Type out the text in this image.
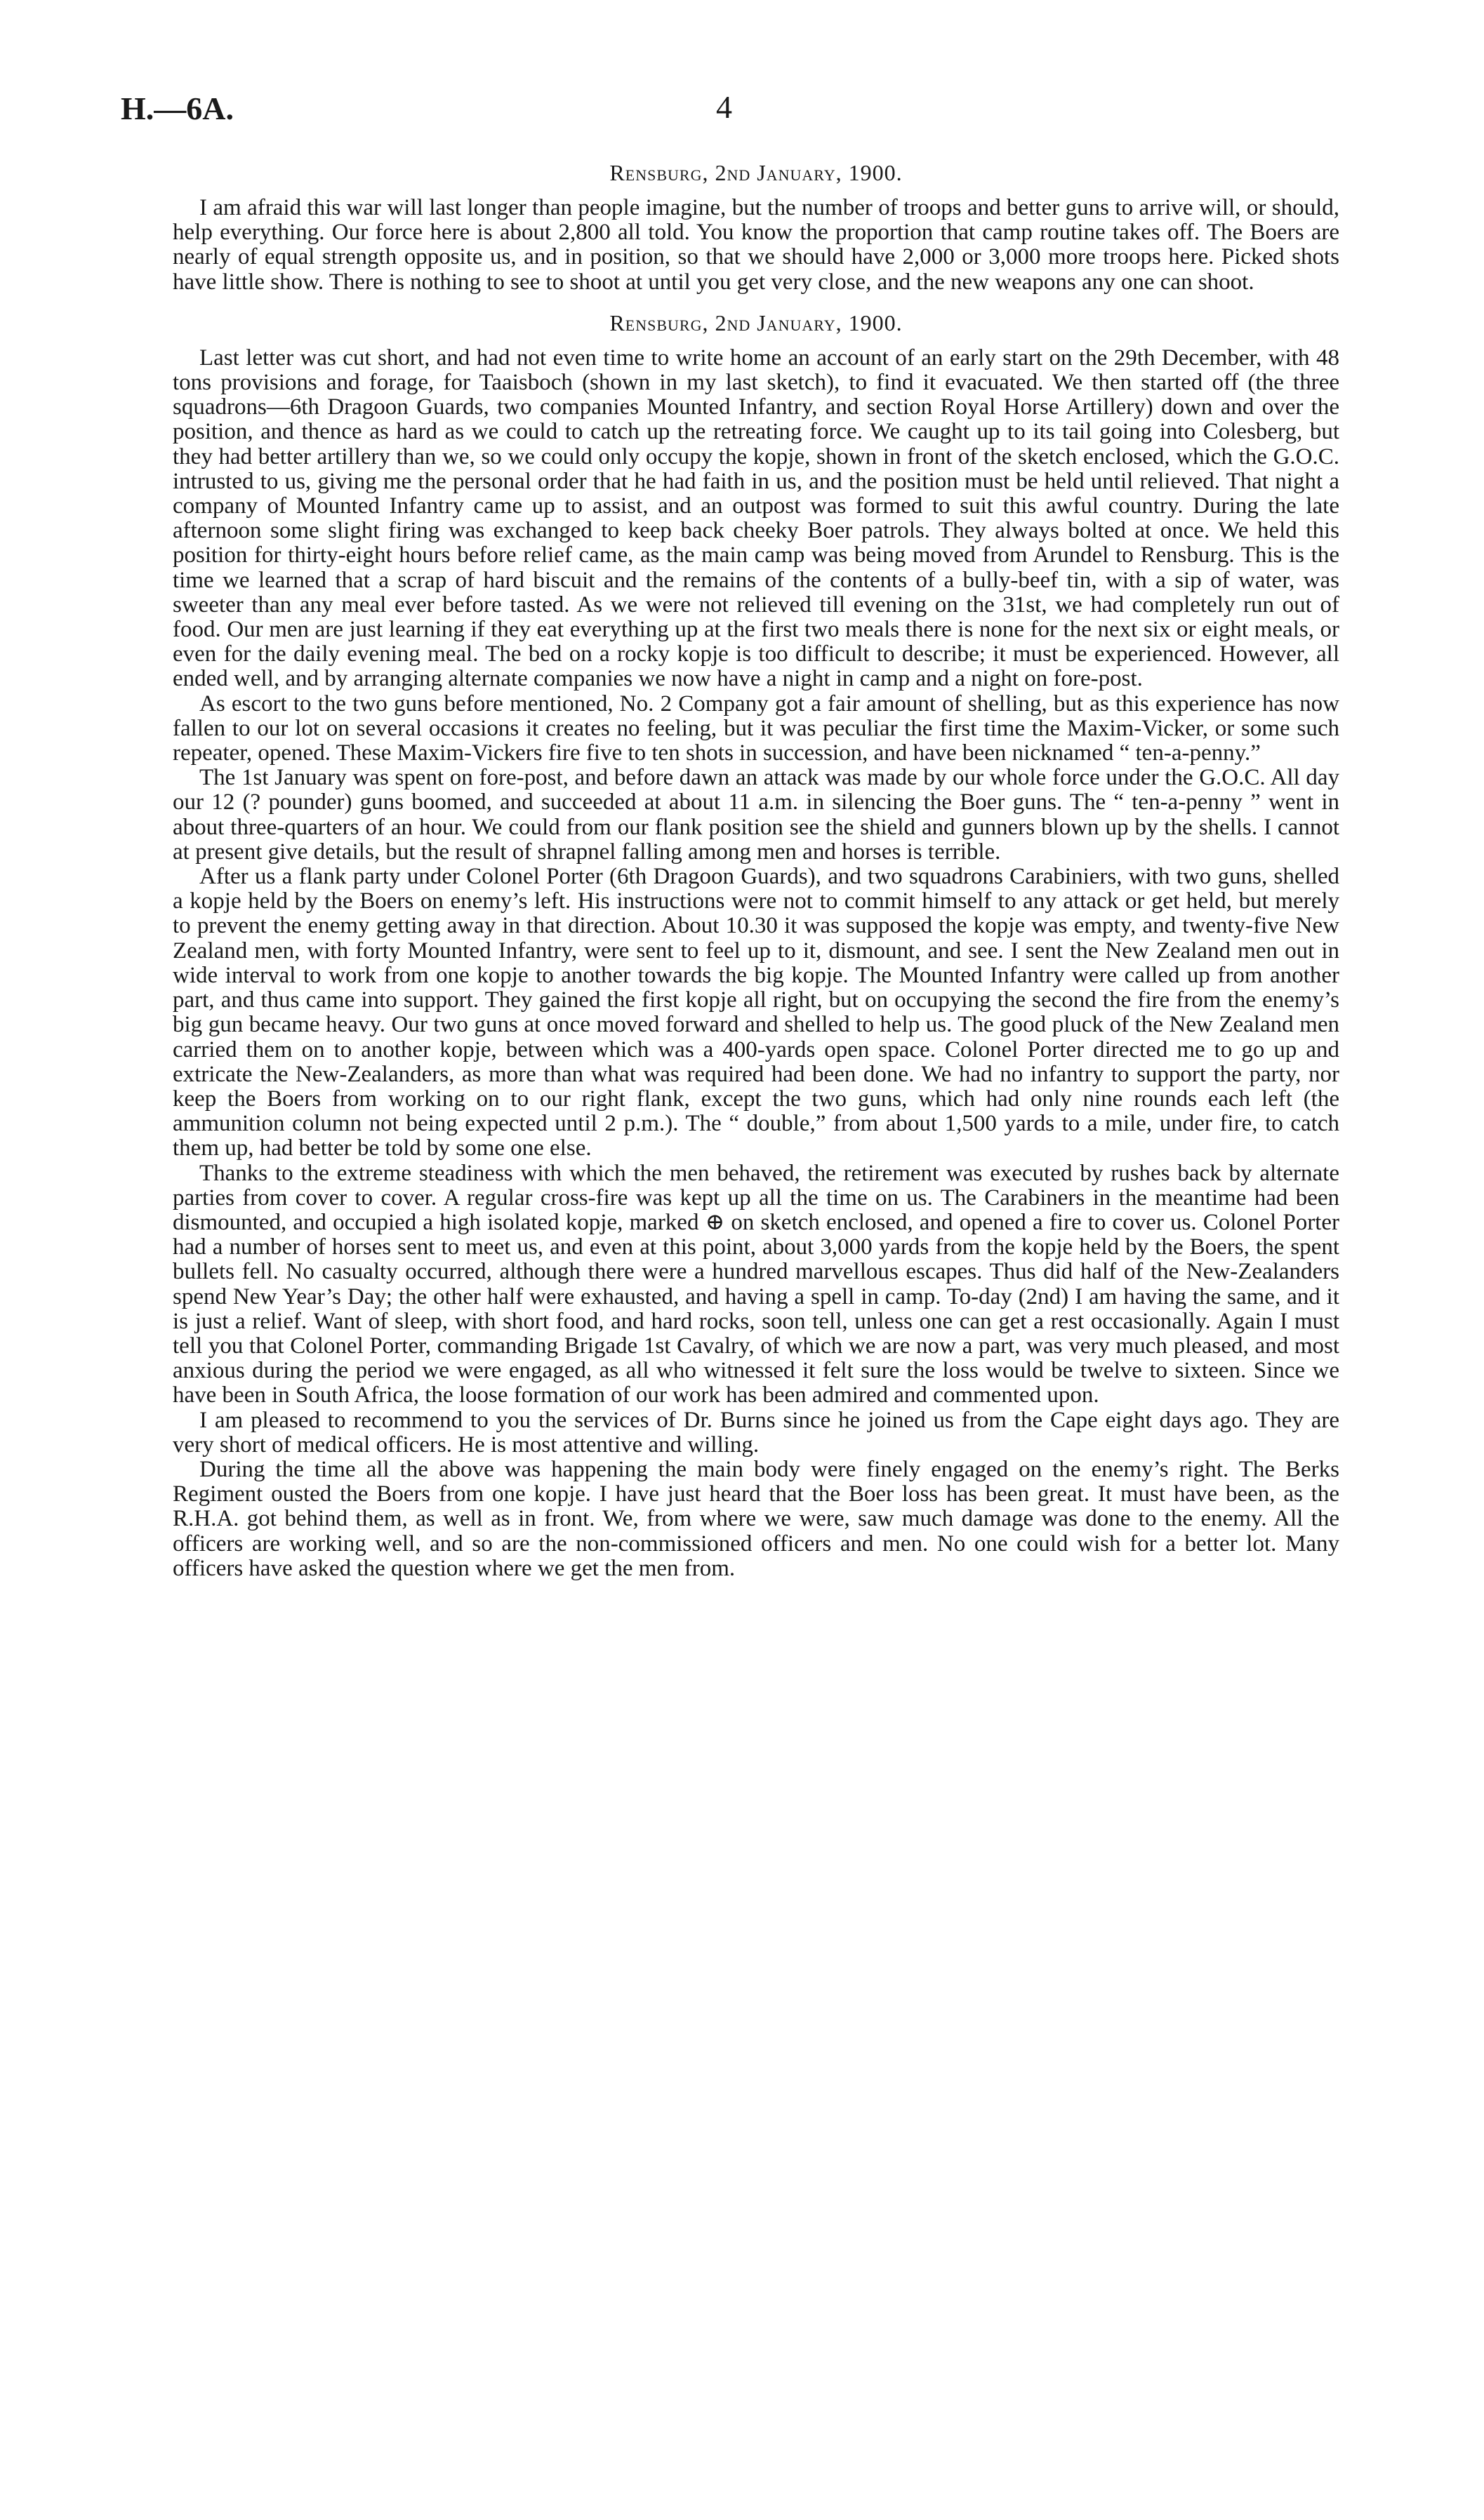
H.—6A.	4
Rensburg, 2nd January, 1900.

I am afraid this war will last longer than people imagine, but the number of troops and better guns to arrive will, or should, help everything. Our force here is about 2,800 all told. You know the proportion that camp routine takes off. The Boers are nearly of equal strength opposite us, and in position, so that we should have 2,000 or 3,000 more troops here. Picked shots have little show. There is nothing to see to shoot at until you get very close, and the new weapons any one can shoot.

Rensburg, 2nd January, 1900.

Last letter was cut short, and had not even time to write home an account of an early start on the 29th December, with 48 tons provisions and forage, for Taaisboch (shown in my last sketch), to find it evacuated. We then started off (the three squadrons—6th Dragoon Guards, two companies Mounted Infantry, and section Royal Horse Artillery) down and over the position, and thence as hard as we could to catch up the retreating force. We caught up to its tail going into Colesberg, but they had better artillery than we, so we could only occupy the kopje, shown in front of the sketch enclosed, which the G.O.C. intrusted to us, giving me the personal order that he had faith in us, and the position must be held until relieved. That night a company of Mounted Infantry came up to assist, and an outpost was formed to suit this awful country. During the late afternoon some slight firing was exchanged to keep back cheeky Boer patrols. They always bolted at once. We held this position for thirty-eight hours before relief came, as the main camp was being moved from Arundel to Rensburg. This is the time we learned that a scrap of hard biscuit and the remains of the contents of a bully-beef tin, with a sip of water, was sweeter than any meal ever before tasted. As we were not relieved till evening on the 31st, we had completely run out of food. Our men are just learning if they eat everything up at the first two meals there is none for the next six or eight meals, or even for the daily evening meal. The bed on a rocky kopje is too difficult to describe; it must be experienced. However, all ended well, and by arranging alternate companies we now have a night in camp and a night on fore-post.

As escort to the two guns before mentioned, No. 2 Company got a fair amount of shelling, but as this experience has now fallen to our lot on several occasions it creates no feeling, but it was peculiar the first time the Maxim-Vicker, or some such repeater, opened. These Maxim-Vickers fire five to ten shots in succession, and have been nicknamed “ ten-a-penny.”

The 1st January was spent on fore-post, and before dawn an attack was made by our whole force under the G.O.C. All day our 12 (? pounder) guns boomed, and succeeded at about 11 a.m. in silencing the Boer guns. The “ ten-a-penny ” went in about three-quarters of an hour. We could from our flank position see the shield and gunners blown up by the shells. I cannot at present give details, but the result of shrapnel falling among men and horses is terrible.

After us a flank party under Colonel Porter (6th Dragoon Guards), and two squadrons Carabiniers, with two guns, shelled a kopje held by the Boers on enemy’s left. His instructions were not to commit himself to any attack or get held, but merely to prevent the enemy getting away in that direction. About 10.30 it was supposed the kopje was empty, and twenty-five New Zealand men, with forty Mounted Infantry, were sent to feel up to it, dismount, and see. I sent the New Zealand men out in wide interval to work from one kopje to another towards the big kopje. The Mounted Infantry were called up from another part, and thus came into support. They gained the first kopje all right, but on occupying the second the fire from the enemy’s big gun became heavy. Our two guns at once moved forward and shelled to help us. The good pluck of the New Zealand men carried them on to another kopje, between which was a 400-yards open space. Colonel Porter directed me to go up and extricate the New-Zealanders, as more than what was required had been done. We had no infantry to support the party, nor keep the Boers from working on to our right flank, except the two guns, which had only nine rounds each left (the ammunition column not being expected until 2 p.m.). The “ double,” from about 1,500 yards to a mile, under fire, to catch them up, had better be told by some one else.

Thanks to the extreme steadiness with which the men behaved, the retirement was executed by rushes back by alternate parties from cover to cover. A regular cross-fire was kept up all the time on us. The Carabiners in the meantime had been dismounted, and occupied a high isolated kopje, marked ⊕ on sketch enclosed, and opened a fire to cover us. Colonel Porter had a number of horses sent to meet us, and even at this point, about 3,000 yards from the kopje held by the Boers, the spent bullets fell. No casualty occurred, although there were a hundred marvellous escapes. Thus did half of the New-Zealanders spend New Year’s Day; the other half were exhausted, and having a spell in camp. To-day (2nd) I am having the same, and it is just a relief. Want of sleep, with short food, and hard rocks, soon tell, unless one can get a rest occasionally. Again I must tell you that Colonel Porter, commanding Brigade 1st Cavalry, of which we are now a part, was very much pleased, and most anxious during the period we were engaged, as all who witnessed it felt sure the loss would be twelve to sixteen. Since we have been in South Africa, the loose formation of our work has been admired and commented upon.

I am pleased to recommend to you the services of Dr. Burns since he joined us from the Cape eight days ago. They are very short of medical officers. He is most attentive and willing.

During the time all the above was happening the main body were finely engaged on the enemy’s right. The Berks Regiment ousted the Boers from one kopje. I have just heard that the Boer loss has been great. It must have been, as the R.H.A. got behind them, as well as in front. We, from where we were, saw much damage was done to the enemy. All the officers are working well, and so are the non-commissioned officers and men. No one could wish for a better lot. Many officers have asked the question where we get the men from.
